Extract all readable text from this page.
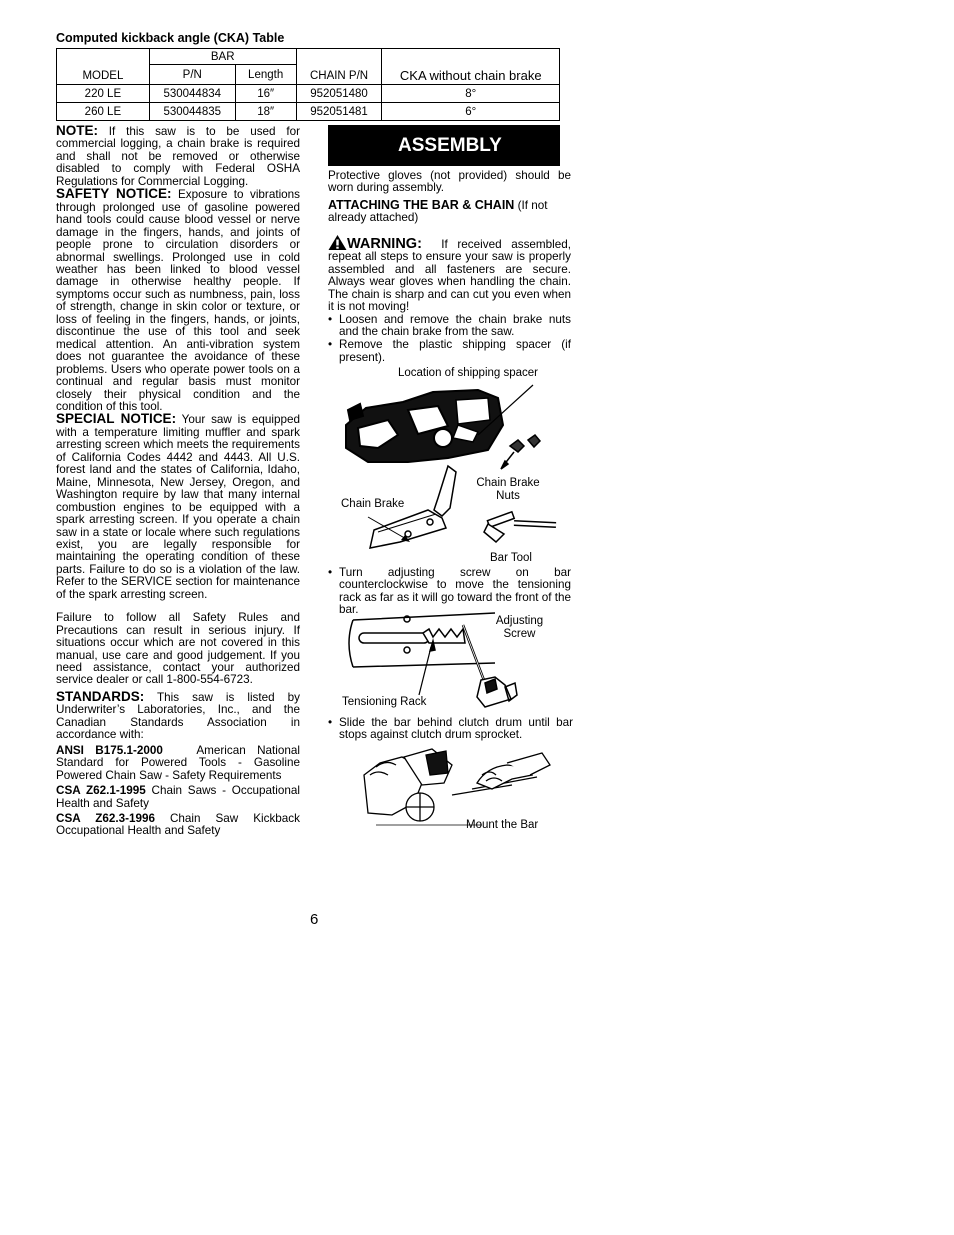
Computed kickback angle (CKA) Table
MODEL	BAR		CHAIN P/N	CKA without chain brake
	P/N	Length		
220 LE	530044834	16″	952051480	8°
260 LE	530044835	18″	952051481	6°

NOTE: If this saw is to be used for commercial logging, a chain brake is required and shall not be removed or otherwise disabled to comply with Federal OSHA Regulations for Commercial Logging.

SAFETY NOTICE: Exposure to vibrations through prolonged use of gasoline powered hand tools could cause blood vessel or nerve damage in the fingers, hands, and joints of people prone to circulation disorders or abnormal swellings. Prolonged use in cold weather has been linked to blood vessel damage in otherwise healthy people. If symptoms occur such as numbness, pain, loss of strength, change in skin color or texture, or loss of feeling in the fingers, hands, or joints, discontinue the use of this tool and seek medical attention. An anti-vibration system does not guarantee the avoidance of these problems. Users who operate power tools on a continual and regular basis must monitor closely their physical condition and the condition of this tool.

SPECIAL NOTICE: Your saw is equipped with a temperature limiting muffler and spark arresting screen which meets the requirements of California Codes 4442 and 4443. All U.S. forest land and the states of California, Idaho, Maine, Minnesota, New Jersey, Oregon, and Washington require by law that many internal combustion engines to be equipped with a spark arresting screen. If you operate a chain saw in a state or locale where such regulations exist, you are legally responsible for maintaining the operating condition of these parts. Failure to do so is a violation of the law. Refer to the SERVICE section for maintenance of the spark arresting screen.

Failure to follow all Safety Rules and Precautions can result in serious injury. If situations occur which are not covered in this manual, use care and good judgement. If you need assistance, contact your authorized service dealer or call 1-800-554-6723.

STANDARDS: This saw is listed by Underwriter’s Laboratories, Inc., and the Canadian Standards Association in accordance with:

ANSI B175.1-2000	American National Standard for Powered Tools - Gasoline Powered Chain Saw - Safety Requirements

CSA Z62.1-1995 Chain Saws - Occupational Health and Safety

CSA Z62.3-1996 Chain Saw Kickback Occupational Health and Safety

ASSEMBLY

Protective gloves (not provided) should be worn during assembly.

ATTACHING THE BAR & CHAIN (If not already attached)

WARNING: If received assembled, repeat all steps to ensure your saw is properly assembled and all fasteners are secure. Always wear gloves when handling the chain. The chain is sharp and can cut you even when it is not moving!

• Loosen and remove the chain brake nuts and the chain brake from the saw.

• Remove the plastic shipping spacer (if present).

Location of shipping spacer
Chain Brake
Chain Brake Nuts
Bar Tool

• Turn adjusting screw on bar counterclockwise to move the tensioning rack as far as it will go toward the front of the bar.

Adjusting Screw
Tensioning Rack

• Slide the bar behind clutch drum until bar stops against clutch drum sprocket.

Mount the Bar
6
